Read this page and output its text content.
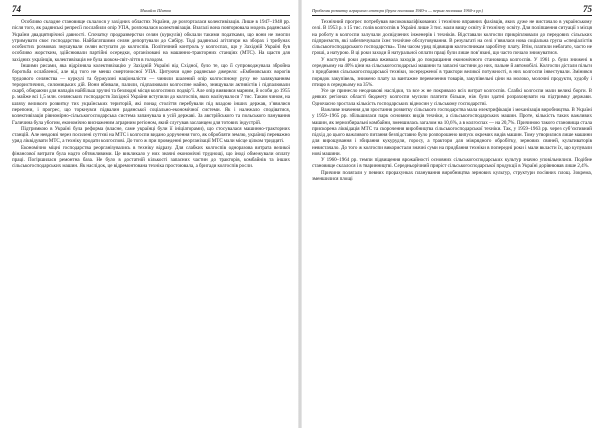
74	Михайло Шитов

Особливо складне становище склалося у західних областях України, де розгорталася колективізація. Лише в 1947–1948 рр. після того, як радянські репресії послабили опір УПА, розпочалася колективізація. Взагалі вона повторювала модель радянської України двадцятирічної давності. Спочатку продразверстки селян (куркулів) обклали такими податками, що вони не змогли утримувати своє господарство. Найбагатшими селян депортували до Сибіру. Тоді радянські агітатори на зборах і трибунах особистих розмовах змушували селян вступати до колгоспів. Політичний контроль у колгоспах, що у Західній Україні був особливо жорстким, здійснювали партійні осередки, організовані на машинно-тракторних станціях (МТС). На щастя для західних українців, колективізація не була шоком-світ-ліття в голодом.

Іншими рисами, яка відрізняла колективізацію у Західній Україні від Східної, було те, що її супроводжувала збройна боротьба ослабленої, але від того не менш смертоносної УПА. Цитуючи одне радянське джерело: «Ембмовських ворогів трудового селянства — куркулі та буржуазні націоналісти — чинили шалений опір колгоспному руху не залякуванням терористичних, силомицьких дій. Вони вбивали, палили, підпалювали колгоспне майно, знищували активістів і підпалювали скарб, обираючи для нападів найбільш зручні та безлюдні місця колгоспних подвір’ї. Але опір виявився марним, й особи до 1955 р. майже всі 1,5 млн. селянських господарств Західної України вступили до колгоспів, яких налічувалося 7 тис. Таким чином, на шляху великого розвитку тих українських територій, які понад століття перебували під владою інших держав, з’явилися перепони, і прогрес, що торкнувся підвалин радянської соціально-економічної системи. Як і належало сподіватися, колективізація рівномірно-сільськогосподарська система запанувала в усій державі. За австрійського та польського панування Галичина була убогим, економічно виснаженим аграрним регіоном, який слугував засланцем для тотових індустрій.

Підтримкою в Україні була реформа (власне, саме українці були її ініціаторами), що стосувалася машинно-тракторних станцій. Але невдовзі через посилені суттєві на МТС і колгоспи видано доручення того, як обробляти землю, українці переважно уряд ліквідувати МТС, а техніку продати колгоспові. До того ж при проведенні реорганізації МТС мали місце цілком тридцяті.

Економічно міцні господарства реорганізувались в техніку відразу. Для слабких колгоспів одноразова витрата великої фінансової витрати була надто обтяжливими. Це викликало у них значні економічні труднощі, що іноді обмежували оплату праці. Погіршилася ремонтна база. Не було в достатній кількості запасних частин до тракторів, комбайнів та інших сільськогосподарських машин. Як наслідок, це відремонтована техніка простоювала, а бригади колгоспів росли.

Проблеми розвитку аграрного сектора (друга половина 1940-х — перша половина 1960-х рр.)	75

Технічний прогрес потребував висококваліфікованих і технічно вправних фахівців, яких дуже не вистачало в українському селі. В 1953 р. з 15 тис. голів колгоспів в Україні лише 3 тис. мали вищу освіту й технічну освіту. Для поліпшення ситуації з місця на роботу в колгоспи залучали досвідчених інженерів і техніків. Відставали колгоспи прикріплювали до передових сільських підприємств, які забезпечували їхнє технічне обслуговування. В результаті на селі з’явилася нова соціальна група «спеціалістів сільськогосподарського господарства». Тим часом уряд підвищив колгоспникам заробітну плату. Втім, платили небагато, часто не гроші, а натурою. В ці роки заходи й натуральної оплати праці були лише пов’язані, що часто почало знижуватися.

У наступні роки держава вживала заходів до покращання економічного становища колгоспів. У 1961 р. були знижені в середньому на 40% ціни на сільськогосподарські машини та запасні частини до них, пальне й автомобілі. Колгоспи дістали пільги з придбання сільськогосподарської техніки, зосередженої в трактори великої потужності, в них колгоспи інвестували. Змінився порядок закупівель, знижено плату за вантажне перевезення товарів, закупівельні ціни на молоко, молочні продукти, худобу і птицю в середньому на 35%.

Усе це принесло неоднакові наслідки, та все ж не покривало всіх витрат колгоспів. Слабкі колгоспи мали великі борги. В деяких регіонах області бюджету колгоспи мусили платити більше, ніж були здатні розраховувати на підтримку держави. Одночасно зростала кількість господарських відносин у сільському господарстві.

Важливе значення для зростання розвитку сільського господарства мала електрифікація і механізація виробництва. В Україні у 1959–1965 рр. збільшилася парк основних видів техніки, а сільськогосподарських машин. Проте, кількість таких важливих машин, як зернозбиральні комбайни, зменшилась загалом на 10,6%, а в колгоспах — на 20,7%. Причиною такого становища стала прискорена ліквідація МТС та скорочення виробництва сільськогосподарської техніки. Так, у 1959–1963 рр. через суб’єктивний підхід до цього важливого питання безпідставно було розпорошено випуск окремих видів машин. Тому утворилися лише машини для вирощування і збирання кукурудзи, горосу, а трактори для міжрядного обробітку, зернових свиней, культиваторів невистачало. До того ж колгоспи використали значні суми на придбання техніки в попередні роки і мали вкласти їх, що купували нові машини.

У 1960–1964 рр. темпи підвищення врожайності основних сільськогосподарських культур значно уповільнилися. Подібне становище склалося і в тваринництві. Середньорічний приріст сільськогосподарської продукції в Україні дорівнював лише 2,4%.

Причини полягали у певних прорахунках планування виробництва зернових культур, структури посівних площ. Зокрема, зменшилися площі
